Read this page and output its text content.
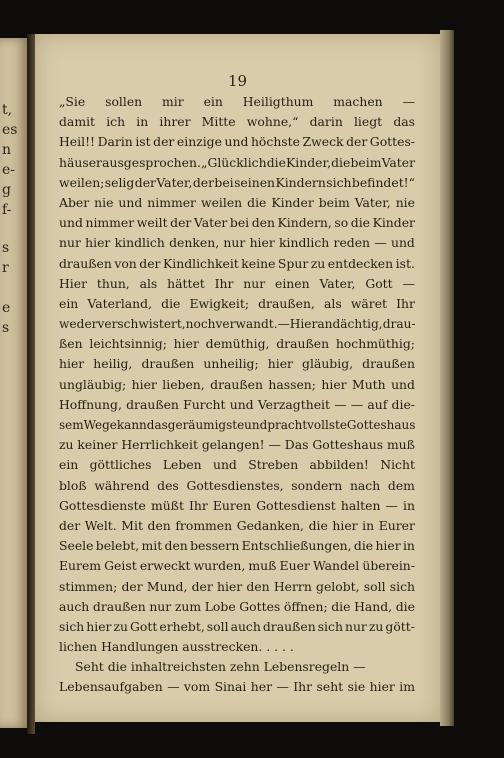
t,
es
n
e-
g
f-
s
r
e
s
19
„Sie sollen mir ein Heiligthum machen —
damit ich in ihrer Mitte wohne,“ darin liegt das
Heil!! Darin ist der einzige und höchste Zweck der Gottes-
häuser ausgesprochen. „Glücklich die Kinder, die beim Vater
weilen; selig der Vater, der bei seinen Kindern sich befindet!“
Aber nie und nimmer weilen die Kinder beim Vater, nie
und nimmer weilt der Vater bei den Kindern, so die Kinder
nur hier kindlich denken, nur hier kindlich reden — und
draußen von der Kindlichkeit keine Spur zu entdecken ist.
Hier thun, als hättet Ihr nur einen Vater, Gott —
ein Vaterland, die Ewigkeit; draußen, als wäret Ihr
weder verschwistert, noch verwandt. — Hier andächtig, drau-
ßen leichtsinnig; hier demüthig, draußen hochmüthig;
hier heilig, draußen unheilig; hier gläubig, draußen
ungläubig; hier lieben, draußen hassen; hier Muth und
Hoffnung, draußen Furcht und Verzagtheit — — auf die-
sem Wege kann das geräumigste und prachtvollste Gotteshaus
zu keiner Herrlichkeit gelangen! — Das Gotteshaus muß
ein göttliches Leben und Streben abbilden! Nicht
bloß während des Gottesdienstes, sondern nach dem
Gottesdienste müßt Ihr Euren Gottesdienst halten — in
der Welt. Mit den frommen Gedanken, die hier in Eurer
Seele belebt, mit den bessern Entschließungen, die hier in
Eurem Geist erweckt wurden, muß Euer Wandel überein-
stimmen; der Mund, der hier den Herrn gelobt, soll sich
auch draußen nur zum Lobe Gottes öffnen; die Hand, die
sich hier zu Gott erhebt, soll auch draußen sich nur zu gött-
lichen Handlungen ausstrecken. . . . .
Seht die inhaltreichsten zehn Lebensregeln —
Lebensaufgaben — vom Sinai her — Ihr seht sie hier im
